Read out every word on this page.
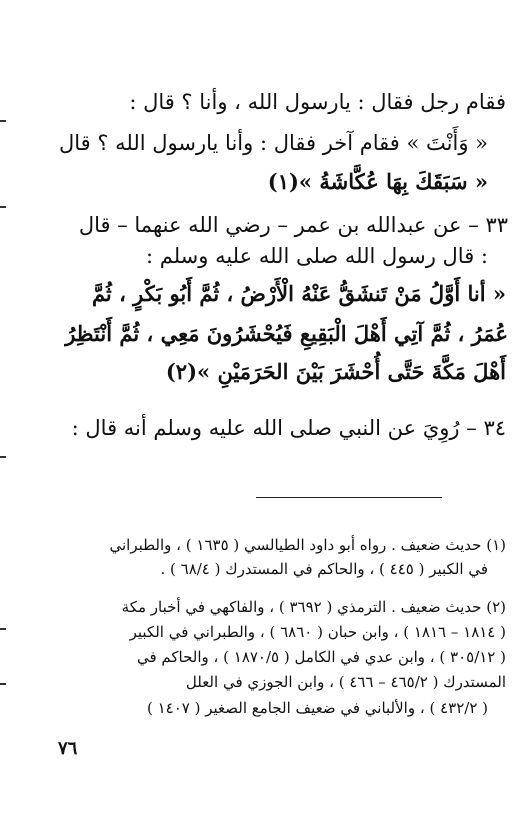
فقام رجل فقال : يارسول الله ، وأنا ؟ قال :
« وَأَنْتَ » فقام آخر فقال : وأنا يارسول الله ؟ قال
« سَبَقَكَ بِهَا عُكَّاشَةُ »(١)
٣٣ – عن عبدالله بن عمر – رضي الله عنهما – قال
: قال رسول الله صلى الله عليه وسلم :
« أنا أَوَّلُ مَنْ تَنشَقُّ عَنْهُ الْأَرْضُ ، ثُمَّ أَبُو بَكْرٍ ، ثُمَّ
عُمَرُ ، ثُمَّ آتِي أَهْلَ الْبَقِيعِ فَيُحْشَرُونَ مَعِي ، ثُمَّ أَنْتَظِرُ
أَهْلَ مَكَّةَ حَتَّى أُحْشَرَ بَيْنَ الحَرَمَيْنِ »(٢)
٣٤ – رُوِيَ عن النبي صلى الله عليه وسلم أنه قال :
(١) حديث ضعيف . رواه أبو داود الطيالسي ( ١٦٣٥ ) ، والطبراني
في الكبير ( ٤٤٥ ) ، والحاكم في المستدرك ( ٦٨/٤ ) .
(٢) حديث ضعيف . الترمذي ( ٣٦٩٢ ) ، والفاكهي في أخبار مكة
( ١٨١٤ – ١٨١٦ ) ، وابن حبان ( ٦٨٦٠ ) ، والطبراني في الكبير
( ٣٠٥/١٢ ) ، وابن عدي في الكامل ( ١٨٧٠/٥ ) ، والحاكم في
المستدرك ( ٤٦٥/٢ – ٤٦٦ ) ، وابن الجوزي في العلل
( ٤٣٢/٢ ) ، والألباني في ضعيف الجامع الصغير ( ١٤٠٧ )
٧٦
